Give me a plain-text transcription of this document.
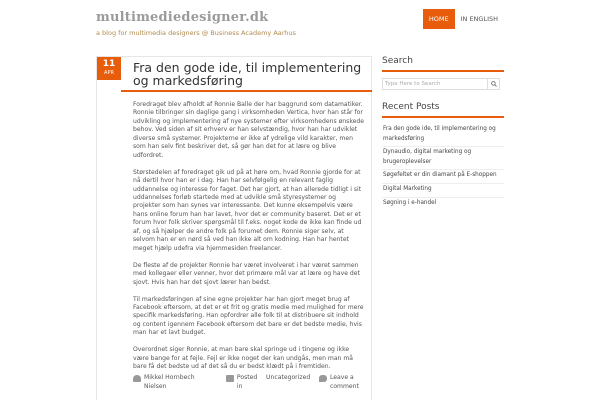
multimediedesigner.dk
a blog for multimedia designers @ Business Academy Aarhus
HOME	IN ENGLISH
11
APR	Fra den gode ide, til implementering og markedsføring

Foredraget blev afholdt af Ronnie Balle der har baggrund som datamatiker. Ronnie tilbringer sin daglige gang i virksomheden Vertica, hvor han står for udvikling og implementering af nye systemer efter virksomhedens ønskede behov. Ved siden af sit erhverv er han selvstændig, hvor han har udviklet diverse små systemer. Projekterne er ikke af ydrelige vild karakter, men som han selv fint beskriver det, så gør han det for at lære og blive udfordret.

Størstedelen af foredraget gik ud på at høre om, hvad Ronnie gjorde for at nå dertil hvor han er i dag. Han har selvfølgelig en relevant faglig uddannelse og interesse for faget. Det har gjort, at han allerede tidligt i sit uddannelses forløb startede med at udvikle små styresystemer og projekter som han synes var interessante. Det kunne eksempelvis være hans online forum han har lavet, hvor det er community baseret. Det er et forum hvor folk skriver spørgsmål til f.eks. noget kode de ikke kan finde ud af, og så hjælper de andre folk på forumet dem. Ronnie siger selv, at selvom han er en nørd så ved han ikke alt om kodning. Han har hentet meget hjælp udefra via hjemmesiden freelancer.

De fleste af de projekter Ronnie har været involveret i har været sammen med kollegaer eller venner, hvor det primære mål var at lære og have det sjovt. Hvis han har det sjovt lærer han bedst.

Til markedsføringen af sine egne projekter har han gjort meget brug af Facebook eftersom, at det er et frit og gratis medie med mulighed for mere specifik markedsføring. Han opfordrer alle folk til at distribuere sit indhold og content igennem Facebook eftersom det bare er det bedste medie, hvis man har et lavt budget.

Overordnet siger Ronnie, at man bare skal springe ud i tingene og ikke være bange for at fejle. Fejl er ikke noget der kan undgås, men man må bare få det bedste ud af det så du er bedst klædt på i fremtiden.

Mikkel Hornbech Nielsen
Posted in

Uncategorized	Leave a comment
Search
Type Here to Search
Recent Posts
Fra den gode ide, til implementering og markedsføring
Dynaudio, digital marketing og brugeroplevelser
Søgefeltet er din diamant på E-shoppen
Digital Marketing
Søgning i e-handel
